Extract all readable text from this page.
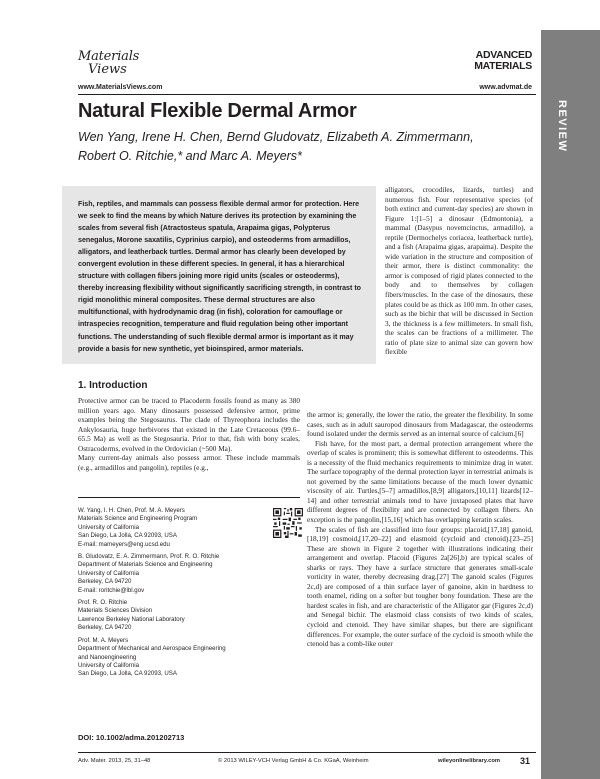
Materials
Views
www.MaterialsViews.com
ADVANCED
MATERIALS
www.advmat.de
REVIEW
Natural Flexible Dermal Armor
Wen Yang, Irene H. Chen, Bernd Gludovatz, Elizabeth A. Zimmermann,
Robert O. Ritchie,* and Marc A. Meyers*
Fish, reptiles, and mammals can possess flexible dermal armor for protection. Here we seek to find the means by which Nature derives its protection by examining the scales from several fish (Atractosteus spatula, Arapaima gigas, Polypterus senegalus, Morone saxatilis, Cyprinius carpio), and osteoderms from armadillos, alligators, and leatherback turtles. Dermal armor has clearly been developed by convergent evolution in these different species. In general, it has a hierarchical structure with collagen fibers joining more rigid units (scales or osteoderms), thereby increasing flexibility without significantly sacrificing strength, in contrast to rigid monolithic mineral composites. These dermal structures are also multifunctional, with hydrodynamic drag (in fish), coloration for camouflage or intraspecies recognition, temperature and fluid regulation being other important functions. The understanding of such flexible dermal armor is important as it may provide a basis for new synthetic, yet bioinspired, armor materials.

alligators, crocodiles, lizards, turtles) and numerous fish. Four representative species (of both extinct and current-day species) are shown in Figure 1:[1–5] a dinosaur (Edmontonia), a mammal (Dasypus novemcinctus, armadillo), a reptile (Dermochelys coriacea, leatherback turtle), and a fish (Arapaima gigas, arapaima). Despite the wide variation in the structure and composition of their armor, there is distinct commonality: the armor is composed of rigid plates connected to the body and to themselves by collagen fibers/muscles. In the case of the dinosaurs, these plates could be as thick as 100 mm. In other cases, such as the bichir that will be discussed in Section 3, the thickness is a few millimeters. In small fish, the scales can be fractions of a millimeter. The ratio of plate size to animal size can govern how flexible

1. Introduction

Protective armor can be traced to Placoderm fossils found as many as 380 million years ago. Many dinosaurs possessed defensive armor, prime examples being the Stegosaurus. The clade of Thyreophora includes the Ankylosauria, huge herbivores that existed in the Late Cretaceous (99.6–65.5 Ma) as well as the Stegosauria. Prior to that, fish with bony scales, Ostracoderms, evolved in the Ordovician (~500 Ma).

Many current-day animals also possess armor. These include mammals (e.g., armadillos and pangolin), reptiles (e.g.,

the armor is; generally, the lower the ratio, the greater the flexibility. In some cases, such as in adult sauropod dinosaurs from Madagascar, the osteoderms found isolated under the dermis served as an internal source of calcium.[6]

Fish have, for the most part, a dermal protection arrangement where the overlap of scales is prominent; this is somewhat different to osteoderms. This is a necessity of the fluid mechanics requirements to minimize drag in water. The surface topography of the dermal protection layer in terrestrial animals is not governed by the same limitations because of the much lower dynamic viscosity of air. Turtles,[5–7] armadillos,[8,9] alligators,[10,11] lizards[12–14] and other terrestrial animals tend to have juxtaposed plates that have different degrees of flexibility and are connected by collagen fibers. An exception is the pangolin,[15,16] which has overlapping keratin scales.

The scales of fish are classified into four groups: placoid,[17,18] ganoid,[18,19] cosmoid,[17,20–22] and elasmoid (cycloid and ctenoid).[23–25] These are shown in Figure 2 together with illustrations indicating their arrangement and overlap. Placoid (Figures 2a[26],b) are typical scales of sharks or rays. They have a surface structure that generates small-scale vorticity in water, thereby decreasing drag.[27] The ganoid scales (Figures 2c,d) are composed of a thin surface layer of ganoine, akin in hardness to tooth enamel, riding on a softer but tougher bony foundation. These are the hardest scales in fish, and are characteristic of the Alligator gar (Figures 2c,d) and Senegal bichir. The elasmoid class consists of two kinds of scales, cycloid and ctenoid. They have similar shapes, but there are significant differences. For example, the outer surface of the cycloid is smooth while the ctenoid has a comb-like outer

W. Yang, I. H. Chen, Prof. M. A. Meyers
Materials Science and Engineering Program
University of California
San Diego, La Jolla, CA 92093, USA
E-mail: mameyers@eng.ucsd.edu

B. Gludovatz, E. A. Zimmermann, Prof. R. O. Ritchie
Department of Materials Science and Engineering
University of California
Berkeley, CA 94720
E-mail: roritchie@lbl.gov

Prof. R. O. Ritchie
Materials Sciences Division
Lawrence Berkeley National Laboratory
Berkeley, CA 94720

Prof. M. A. Meyers
Department of Mechanical and Aerospace Engineering
and Nanoengineering
University of California
San Diego, La Jolla, CA 92093, USA

DOI: 10.1002/adma.201202713
Adv. Mater. 2013, 25, 31–48	© 2013 WILEY-VCH Verlag GmbH & Co. KGaA, Weinheim	wileyonlinelibrary.com 31
